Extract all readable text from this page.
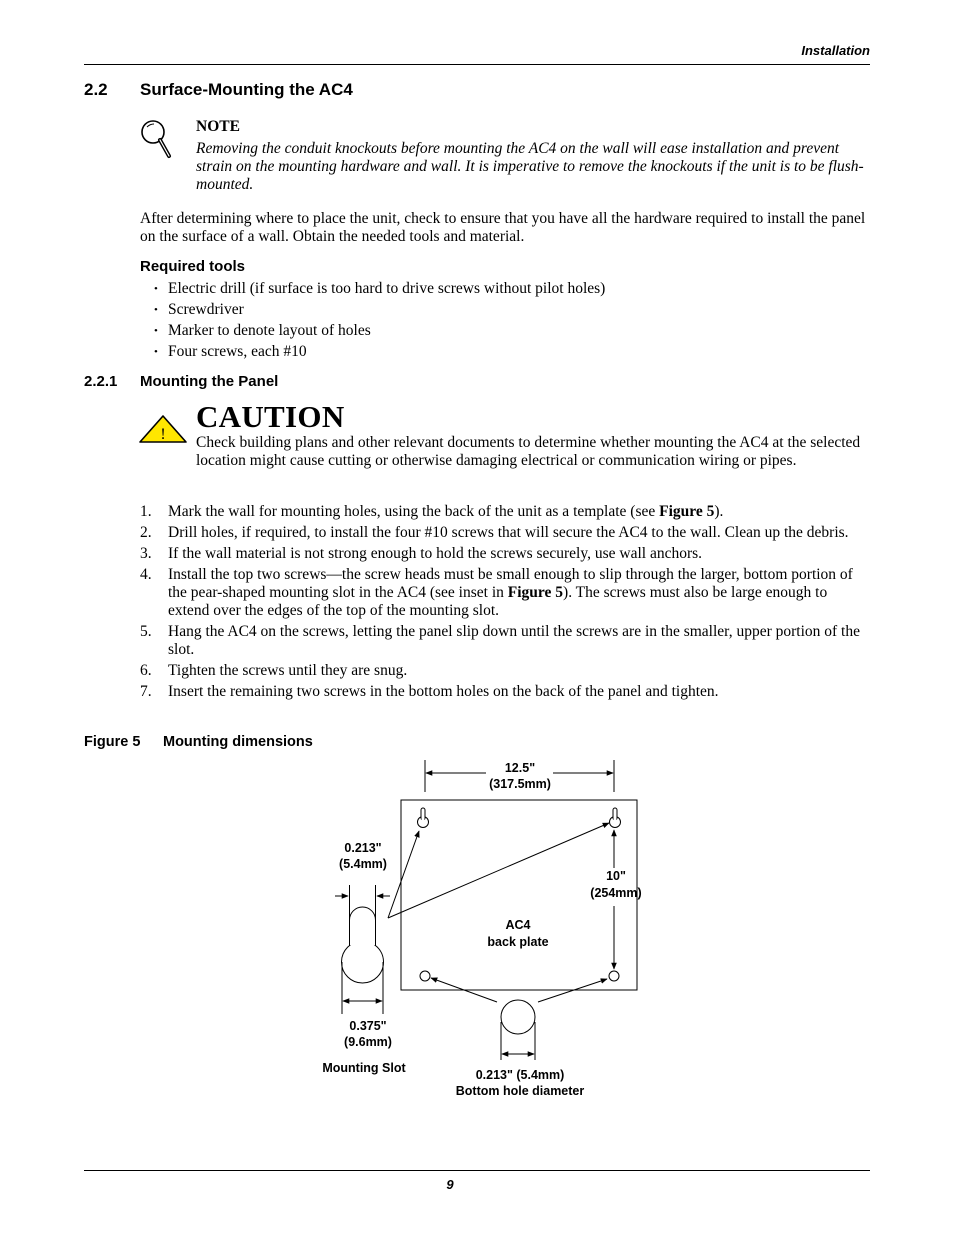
Installation
2.2 Surface-Mounting the AC4
NOTE
Removing the conduit knockouts before mounting the AC4 on the wall will ease installation and prevent strain on the mounting hardware and wall. It is imperative to remove the knockouts if the unit is to be flush-mounted.
After determining where to place the unit, check to ensure that you have all the hardware required to install the panel on the surface of a wall. Obtain the needed tools and material.
Required tools
• Electric drill (if surface is too hard to drive screws without pilot holes)
• Screwdriver
• Marker to denote layout of holes
• Four screws, each #10
2.2.1 Mounting the Panel
!
CAUTION
Check building plans and other relevant documents to determine whether mounting the AC4 at the selected location might cause cutting or otherwise damaging electrical or communication wiring or pipes.
1. Mark the wall for mounting holes, using the back of the unit as a template (see Figure 5).
2. Drill holes, if required, to install the four #10 screws that will secure the AC4 to the wall. Clean up the debris.
3. If the wall material is not strong enough to hold the screws securely, use wall anchors.
4. Install the top two screws—the screw heads must be small enough to slip through the larger, bottom portion of the pear-shaped mounting slot in the AC4 (see inset in Figure 5). The screws must also be large enough to extend over the edges of the top of the mounting slot.
5. Hang the AC4 on the screws, letting the panel slip down until the screws are in the smaller, upper portion of the slot.
6. Tighten the screws until they are snug.
7. Insert the remaining two screws in the bottom holes on the back of the panel and tighten.
Figure 5 Mounting dimensions
12.5"
(317.5mm)
AC4
back plate
10"
(254mm)
0.213"
(5.4mm)
0.375"
(9.6mm)
Mounting Slot	0.213" (5.4mm)
Bottom hole diameter
9
